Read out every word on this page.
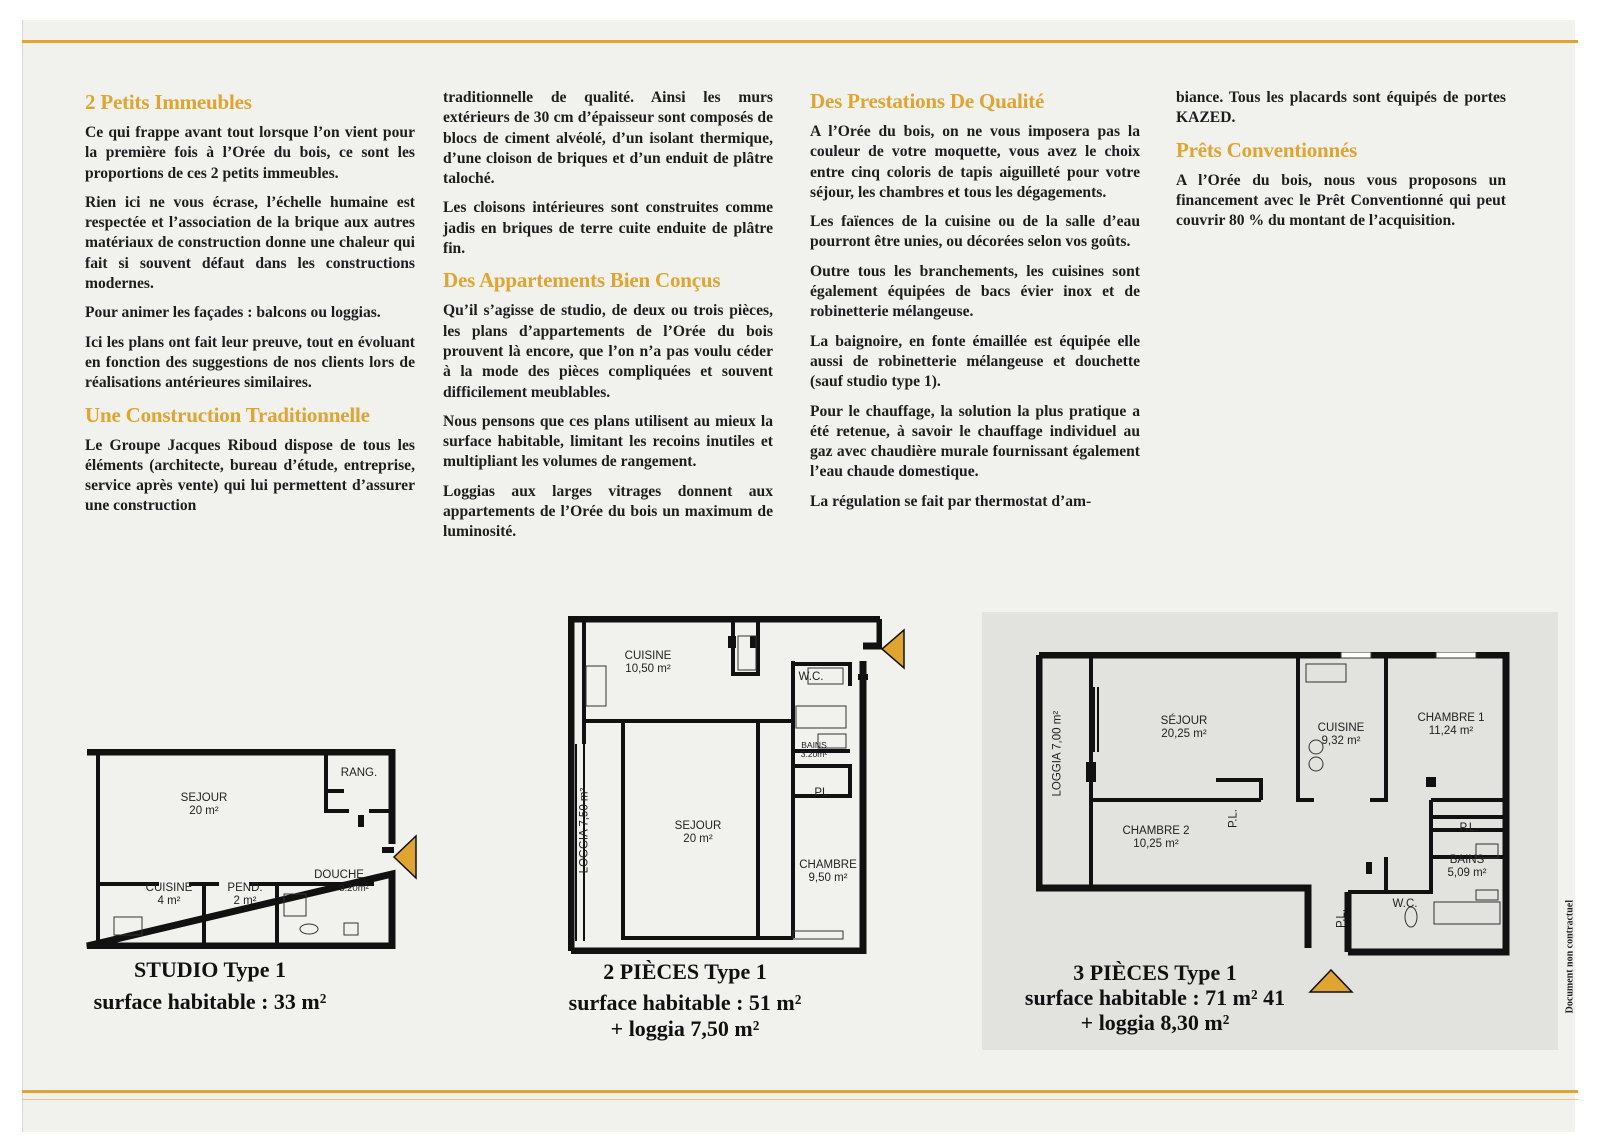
2 Petits Immeubles

Ce qui frappe avant tout lorsque l’on vient pour la première fois à l’Orée du bois, ce sont les proportions de ces 2 petits immeubles.

Rien ici ne vous écrase, l’échelle humaine est respectée et l’association de la brique aux autres matériaux de construction donne une chaleur qui fait si souvent défaut dans les constructions modernes.

Pour animer les façades : balcons ou loggias.

Ici les plans ont fait leur preuve, tout en évoluant en fonction des suggestions de nos clients lors de réalisations antérieures similaires.

Une Construction Traditionnelle

Le Groupe Jacques Riboud dispose de tous les éléments (architecte, bureau d’étude, entreprise, service après vente) qui lui permettent d’assurer une construction

traditionnelle de qualité. Ainsi les murs extérieurs de 30 cm d’épaisseur sont composés de blocs de ciment alvéolé, d’un isolant thermique, d’une cloison de briques et d’un enduit de plâtre taloché.

Les cloisons intérieures sont construites comme jadis en briques de terre cuite enduite de plâtre fin.

Des Appartements Bien Conçus

Qu’il s’agisse de studio, de deux ou trois pièces, les plans d’appartements de l’Orée du bois prouvent là encore, que l’on n’a pas voulu céder à la mode des pièces compliquées et souvent difficilement meublables.

Nous pensons que ces plans utilisent au mieux la surface habitable, limitant les recoins inutiles et multipliant les volumes de rangement.

Loggias aux larges vitrages donnent aux appartements de l’Orée du bois un maximum de luminosité.

Des Prestations De Qualité

A l’Orée du bois, on ne vous imposera pas la couleur de votre moquette, vous avez le choix entre cinq coloris de tapis aiguilleté pour votre séjour, les chambres et tous les dégagements.

Les faïences de la cuisine ou de la salle d’eau pourront être unies, ou décorées selon vos goûts.

Outre tous les branchements, les cuisines sont également équipées de bacs évier inox et de robinetterie mélangeuse.

La baignoire, en fonte émaillée est équipée elle aussi de robinetterie mélangeuse et douchette (sauf studio type 1).

Pour le chauffage, la solution la plus pratique a été retenue, à savoir le chauffage individuel au gaz avec chaudière murale fournissant également l’eau chaude domestique.

La régulation se fait par thermostat d’am-

biance. Tous les placards sont équipés de portes KAZED.

Prêts Conventionnés

A l’Orée du bois, nous vous proposons un financement avec le Prêt Conventionné qui peut couvrir 80 % du montant de l’acquisition.

SEJOUR
20 m²
RANG.
CUISINE
4 m²
PEND.
2 m²
DOUCHE
3.20m²
STUDIO Type 1
surface habitable : 33 m²
CUISINE
10,50 m²
W.C.
BAINS
3.20m²
PL.
LOGGIA 7,50 m²	SEJOUR
20 m²
CHAMBRE
9,50 m²
2 PIÈCES Type 1
surface habitable : 51 m²
+ loggia 7,50 m²
LOGGIA 7,00 m²	SÉJOUR
20,25 m²	CUISINE
9,32 m²
CHAMBRE 1
11,24 m²
CHAMBRE 2
10,25 m²
P.L.	P.L.
BAINS
5,09 m²
W.C.
P.L.
3 PIÈCES Type 1
surface habitable : 71 m² 41
+ loggia 8,30 m²
Document non contractuel
